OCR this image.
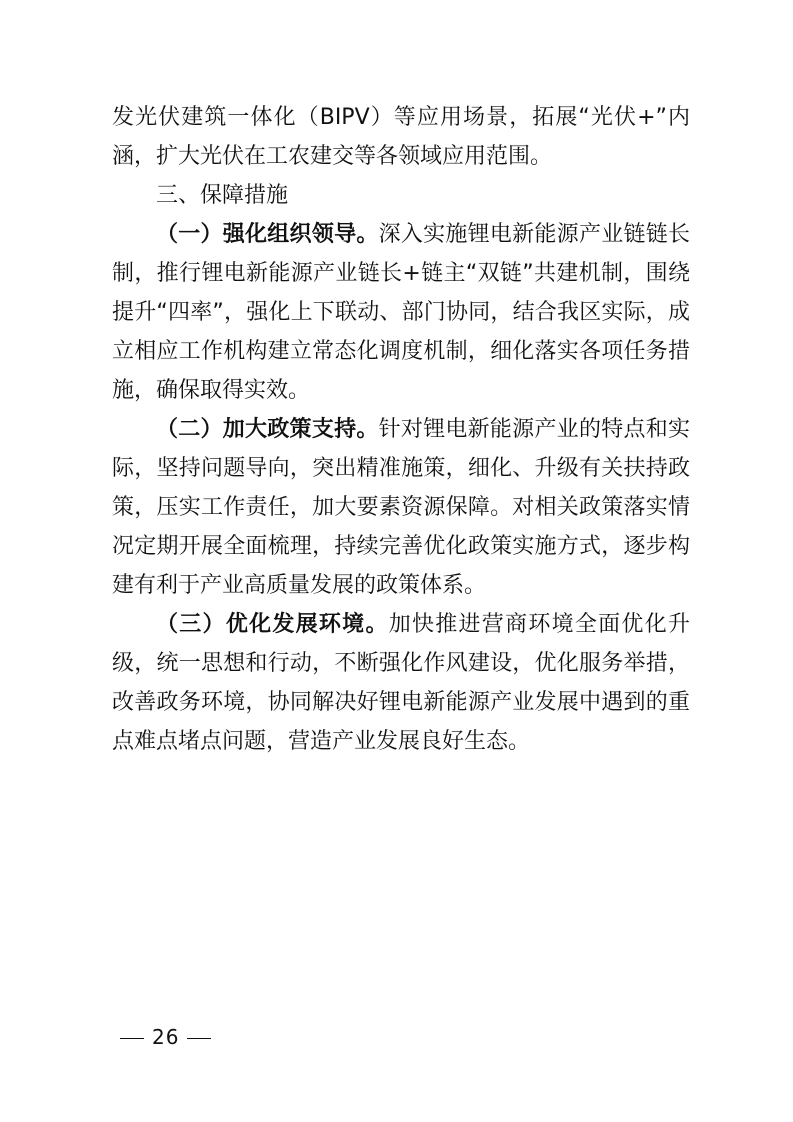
发光伏建筑一体化（BIPV）等应用场景，拓展“光伏+”内涵，扩大光伏在工农建交等各领域应用范围。

三、保障措施

（一）强化组织领导。深入实施锂电新能源产业链链长制，推行锂电新能源产业链长+链主“双链”共建机制，围绕提升“四率”，强化上下联动、部门协同，结合我区实际，成立相应工作机构建立常态化调度机制，细化落实各项任务措施，确保取得实效。

（二）加大政策支持。针对锂电新能源产业的特点和实际，坚持问题导向，突出精准施策，细化、升级有关扶持政策，压实工作责任，加大要素资源保障。对相关政策落实情况定期开展全面梳理，持续完善优化政策实施方式，逐步构建有利于产业高质量发展的政策体系。

（三）优化发展环境。加快推进营商环境全面优化升级，统一思想和行动，不断强化作风建设，优化服务举措，改善政务环境，协同解决好锂电新能源产业发展中遇到的重点难点堵点问题，营造产业发展良好生态。

26
